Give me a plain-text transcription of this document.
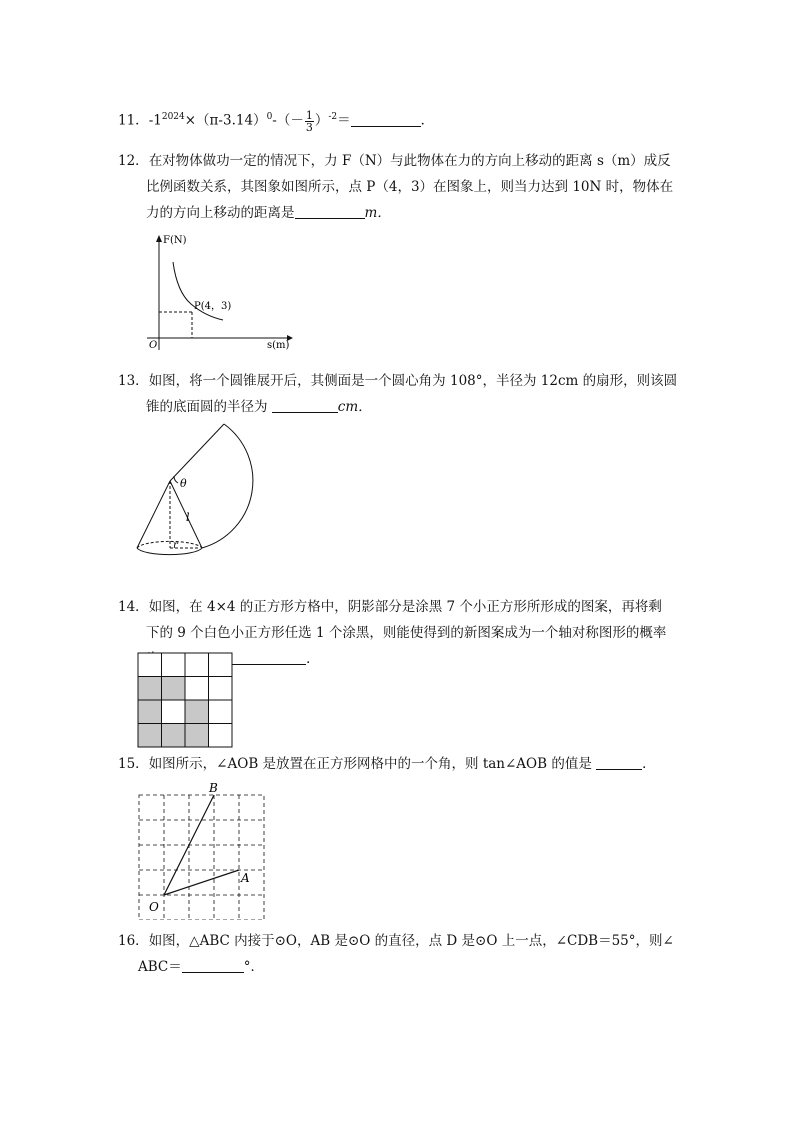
11．$-1^{2024}\times(\pi-3.14)^0-(- \frac{1}{3} )^{-2}=$	．
12．在对物体做功一定的情况下，力 F（N）与此物体在力的方向上移动的距离 s（m）成反
比例函数关系，其图象如图所示，点 P（4，3）在图象上，则当力达到 10N 时，物体在
力的方向上移动的距离是	m．
F(N)
s(m)
O
P(4，3)
13．如图，将一个圆锥展开后，其侧面是一个圆心角为 108°，半径为 12cm 的扇形，则该圆
锥的底面圆的半径为	cm．
θ
l
r
14．如图，在 4×4 的正方形方格中，阴影部分是涂黑 7 个小正方形所形成的图案，再将剩
下的 9 个白色小正方形任选 1 个涂黑，则能使得到的新图案成为一个轴对称图形的概率
．
15．如图所示，∠AOB 是放置在正方形网格中的一个角，则 tan∠AOB 的值是	．
B
A
O
16．如图，△ABC 内接于⊙O，AB 是⊙O 的直径，点 D 是⊙O 上一点，∠CDB＝55°，则∠
ABC＝	°．
